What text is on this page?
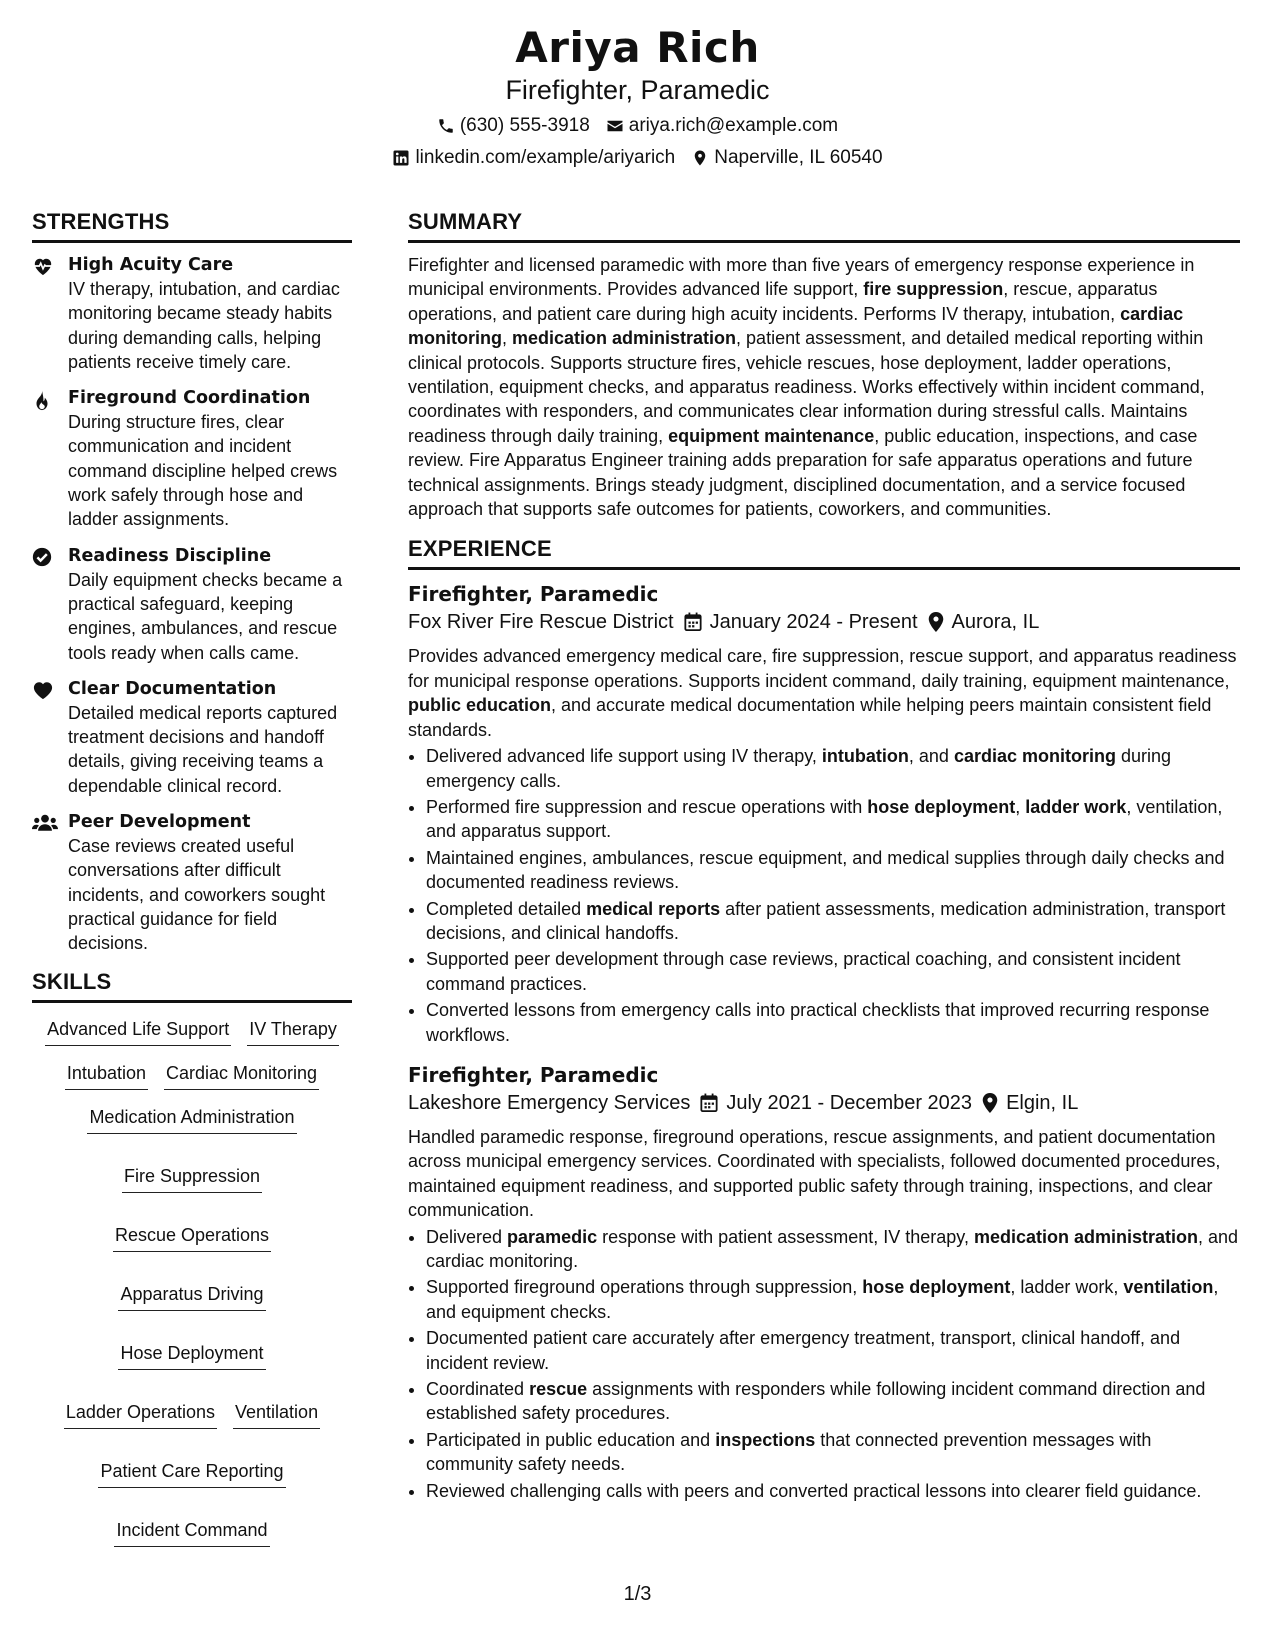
Ariya Rich
Firefighter, Paramedic
(630) 555-3918 ariya.rich@example.com
linkedin.com/example/ariyarich Naperville, IL 60540
STRENGTHS
High Acuity Care
IV therapy, intubation, and cardiac monitoring became steady habits during demanding calls, helping patients receive timely care.
Fireground Coordination
During structure fires, clear communication and incident command discipline helped crews work safely through hose and ladder assignments.
Readiness Discipline
Daily equipment checks became a practical safeguard, keeping engines, ambulances, and rescue tools ready when calls came.
Clear Documentation
Detailed medical reports captured treatment decisions and handoff details, giving receiving teams a dependable clinical record.
Peer Development
Case reviews created useful conversations after difficult incidents, and coworkers sought practical guidance for field decisions.
SKILLS
Advanced Life Support IV Therapy
Intubation Cardiac Monitoring
Medication Administration
Fire Suppression
Rescue Operations
Apparatus Driving
Hose Deployment
Ladder Operations Ventilation
Patient Care Reporting
Incident Command
SUMMARY
Firefighter and licensed paramedic with more than five years of emergency response experience in municipal environments. Provides advanced life support, fire suppression, rescue, apparatus operations, and patient care during high acuity incidents. Performs IV therapy, intubation, cardiac monitoring, medication administration, patient assessment, and detailed medical reporting within clinical protocols. Supports structure fires, vehicle rescues, hose deployment, ladder operations, ventilation, equipment checks, and apparatus readiness. Works effectively within incident command, coordinates with responders, and communicates clear information during stressful calls. Maintains readiness through daily training, equipment maintenance, public education, inspections, and case review. Fire Apparatus Engineer training adds preparation for safe apparatus operations and future technical assignments. Brings steady judgment, disciplined documentation, and a service focused approach that supports safe outcomes for patients, coworkers, and communities.
EXPERIENCE
Firefighter, Paramedic
Fox River Fire Rescue District January 2024 - Present Aurora, IL
Provides advanced emergency medical care, fire suppression, rescue support, and apparatus readiness for municipal response operations. Supports incident command, daily training, equipment maintenance, public education, and accurate medical documentation while helping peers maintain consistent field standards.
• Delivered advanced life support using IV therapy, intubation, and cardiac monitoring during emergency calls.
• Performed fire suppression and rescue operations with hose deployment, ladder work, ventilation, and apparatus support.
• Maintained engines, ambulances, rescue equipment, and medical supplies through daily checks and documented readiness reviews.
• Completed detailed medical reports after patient assessments, medication administration, transport decisions, and clinical handoffs.
• Supported peer development through case reviews, practical coaching, and consistent incident command practices.
• Converted lessons from emergency calls into practical checklists that improved recurring response workflows.
Firefighter, Paramedic
Lakeshore Emergency Services July 2021 - December 2023 Elgin, IL
Handled paramedic response, fireground operations, rescue assignments, and patient documentation across municipal emergency services. Coordinated with specialists, followed documented procedures, maintained equipment readiness, and supported public safety through training, inspections, and clear communication.
• Delivered paramedic response with patient assessment, IV therapy, medication administration, and cardiac monitoring.
• Supported fireground operations through suppression, hose deployment, ladder work, ventilation, and equipment checks.
• Documented patient care accurately after emergency treatment, transport, clinical handoff, and incident review.
• Coordinated rescue assignments with responders while following incident command direction and established safety procedures.
• Participated in public education and inspections that connected prevention messages with community safety needs.
• Reviewed challenging calls with peers and converted practical lessons into clearer field guidance.
1/3
